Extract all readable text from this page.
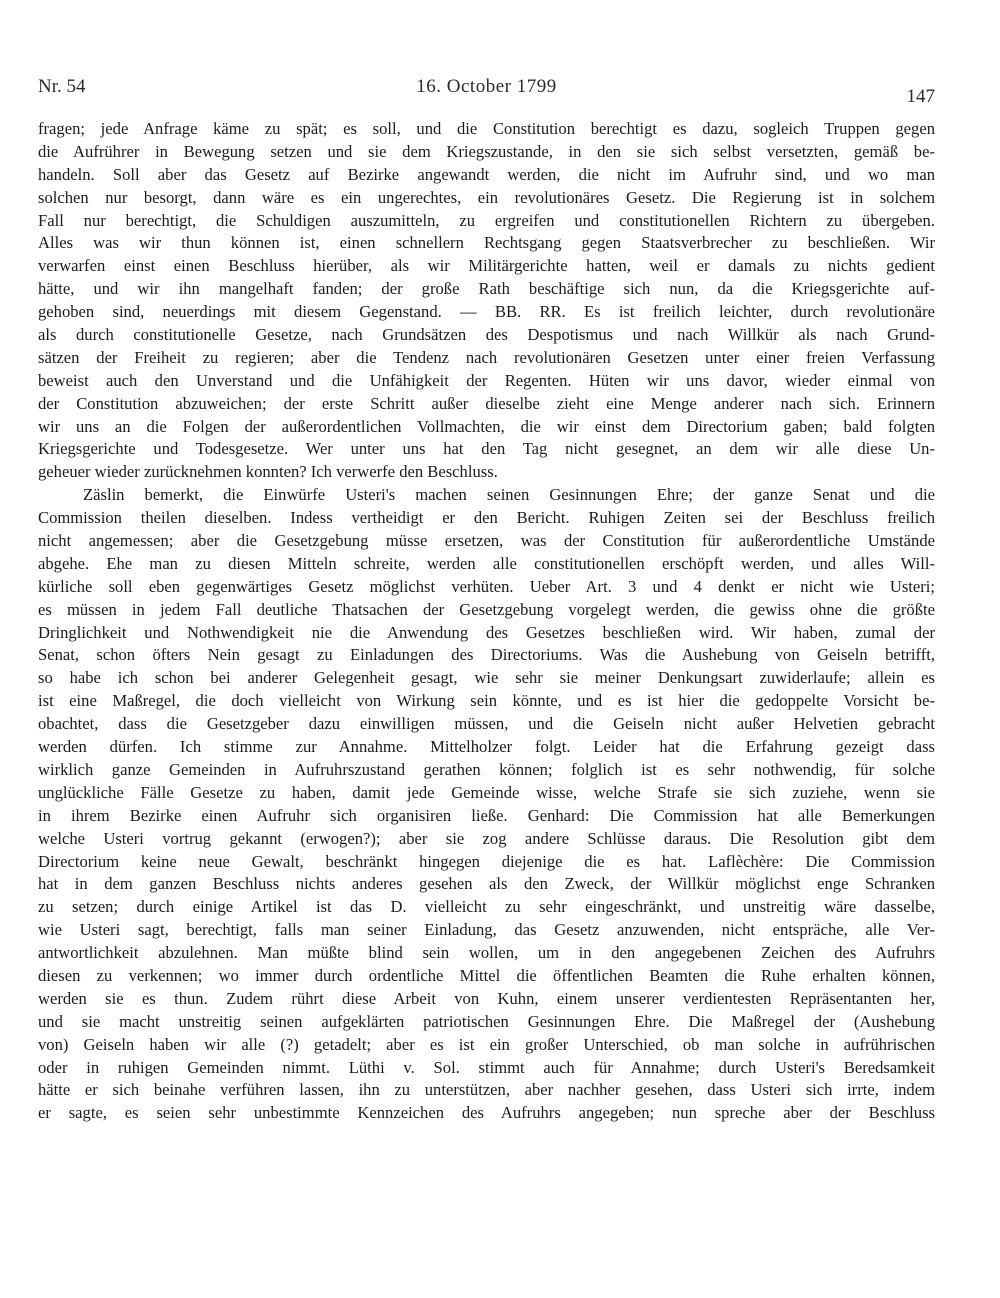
Nr. 54	16. October 1799	147
fragen; jede Anfrage käme zu spät; es soll, und die Constitution berechtigt es dazu, sogleich Truppen gegen
die Aufrührer in Bewegung setzen und sie dem Kriegszustande, in den sie sich selbst versetzten, gemäß be-
handeln. Soll aber das Gesetz auf Bezirke angewandt werden, die nicht im Aufruhr sind, und wo man
solchen nur besorgt, dann wäre es ein ungerechtes, ein revolutionäres Gesetz. Die Regierung ist in solchem
Fall nur berechtigt, die Schuldigen auszumitteln, zu ergreifen und constitutionellen Richtern zu übergeben.
Alles was wir thun können ist, einen schnellern Rechtsgang gegen Staatsverbrecher zu beschließen. Wir
verwarfen einst einen Beschluss hierüber, als wir Militärgerichte hatten, weil er damals zu nichts gedient
hätte, und wir ihn mangelhaft fanden; der große Rath beschäftige sich nun, da die Kriegsgerichte auf-
gehoben sind, neuerdings mit diesem Gegenstand. — BB. RR. Es ist freilich leichter, durch revolutionäre
als durch constitutionelle Gesetze, nach Grundsätzen des Despotismus und nach Willkür als nach Grund-
sätzen der Freiheit zu regieren; aber die Tendenz nach revolutionären Gesetzen unter einer freien Verfassung
beweist auch den Unverstand und die Unfähigkeit der Regenten. Hüten wir uns davor, wieder einmal von
der Constitution abzuweichen; der erste Schritt außer dieselbe zieht eine Menge anderer nach sich. Erinnern
wir uns an die Folgen der außerordentlichen Vollmachten, die wir einst dem Directorium gaben; bald folgten
Kriegsgerichte und Todesgesetze. Wer unter uns hat den Tag nicht gesegnet, an dem wir alle diese Un-
geheuer wieder zurücknehmen konnten? Ich verwerfe den Beschluss.
Zäslin bemerkt, die Einwürfe Usteri's machen seinen Gesinnungen Ehre; der ganze Senat und die
Commission theilen dieselben. Indess vertheidigt er den Bericht. Ruhigen Zeiten sei der Beschluss freilich
nicht angemessen; aber die Gesetzgebung müsse ersetzen, was der Constitution für außerordentliche Umstände
abgehe. Ehe man zu diesen Mitteln schreite, werden alle constitutionellen erschöpft werden, und alles Will-
kürliche soll eben gegenwärtiges Gesetz möglichst verhüten. Ueber Art. 3 und 4 denkt er nicht wie Usteri;
es müssen in jedem Fall deutliche Thatsachen der Gesetzgebung vorgelegt werden, die gewiss ohne die größte
Dringlichkeit und Nothwendigkeit nie die Anwendung des Gesetzes beschließen wird. Wir haben, zumal der
Senat, schon öfters Nein gesagt zu Einladungen des Directoriums. Was die Aushebung von Geiseln betrifft,
so habe ich schon bei anderer Gelegenheit gesagt, wie sehr sie meiner Denkungsart zuwiderlaufe; allein es
ist eine Maßregel, die doch vielleicht von Wirkung sein könnte, und es ist hier die gedoppelte Vorsicht be-
obachtet, dass die Gesetzgeber dazu einwilligen müssen, und die Geiseln nicht außer Helvetien gebracht
werden dürfen. Ich stimme zur Annahme. Mittelholzer folgt. Leider hat die Erfahrung gezeigt dass
wirklich ganze Gemeinden in Aufruhrszustand gerathen können; folglich ist es sehr nothwendig, für solche
unglückliche Fälle Gesetze zu haben, damit jede Gemeinde wisse, welche Strafe sie sich zuziehe, wenn sie
in ihrem Bezirke einen Aufruhr sich organisiren ließe. Genhard: Die Commission hat alle Bemerkungen
welche Usteri vortrug gekannt (erwogen?); aber sie zog andere Schlüsse daraus. Die Resolution gibt dem
Directorium keine neue Gewalt, beschränkt hingegen diejenige die es hat. Laflèchère: Die Commission
hat in dem ganzen Beschluss nichts anderes gesehen als den Zweck, der Willkür möglichst enge Schranken
zu setzen; durch einige Artikel ist das D. vielleicht zu sehr eingeschränkt, und unstreitig wäre dasselbe,
wie Usteri sagt, berechtigt, falls man seiner Einladung, das Gesetz anzuwenden, nicht entspräche, alle Ver-
antwortlichkeit abzulehnen. Man müßte blind sein wollen, um in den angegebenen Zeichen des Aufruhrs
diesen zu verkennen; wo immer durch ordentliche Mittel die öffentlichen Beamten die Ruhe erhalten können,
werden sie es thun. Zudem rührt diese Arbeit von Kuhn, einem unserer verdientesten Repräsentanten her,
und sie macht unstreitig seinen aufgeklärten patriotischen Gesinnungen Ehre. Die Maßregel der (Aushebung
von) Geiseln haben wir alle (?) getadelt; aber es ist ein großer Unterschied, ob man solche in aufrührischen
oder in ruhigen Gemeinden nimmt. Lüthi v. Sol. stimmt auch für Annahme; durch Usteri's Beredsamkeit
hätte er sich beinahe verführen lassen, ihn zu unterstützen, aber nachher gesehen, dass Usteri sich irrte, indem
er sagte, es seien sehr unbestimmte Kennzeichen des Aufruhrs angegeben; nun spreche aber der Beschluss
